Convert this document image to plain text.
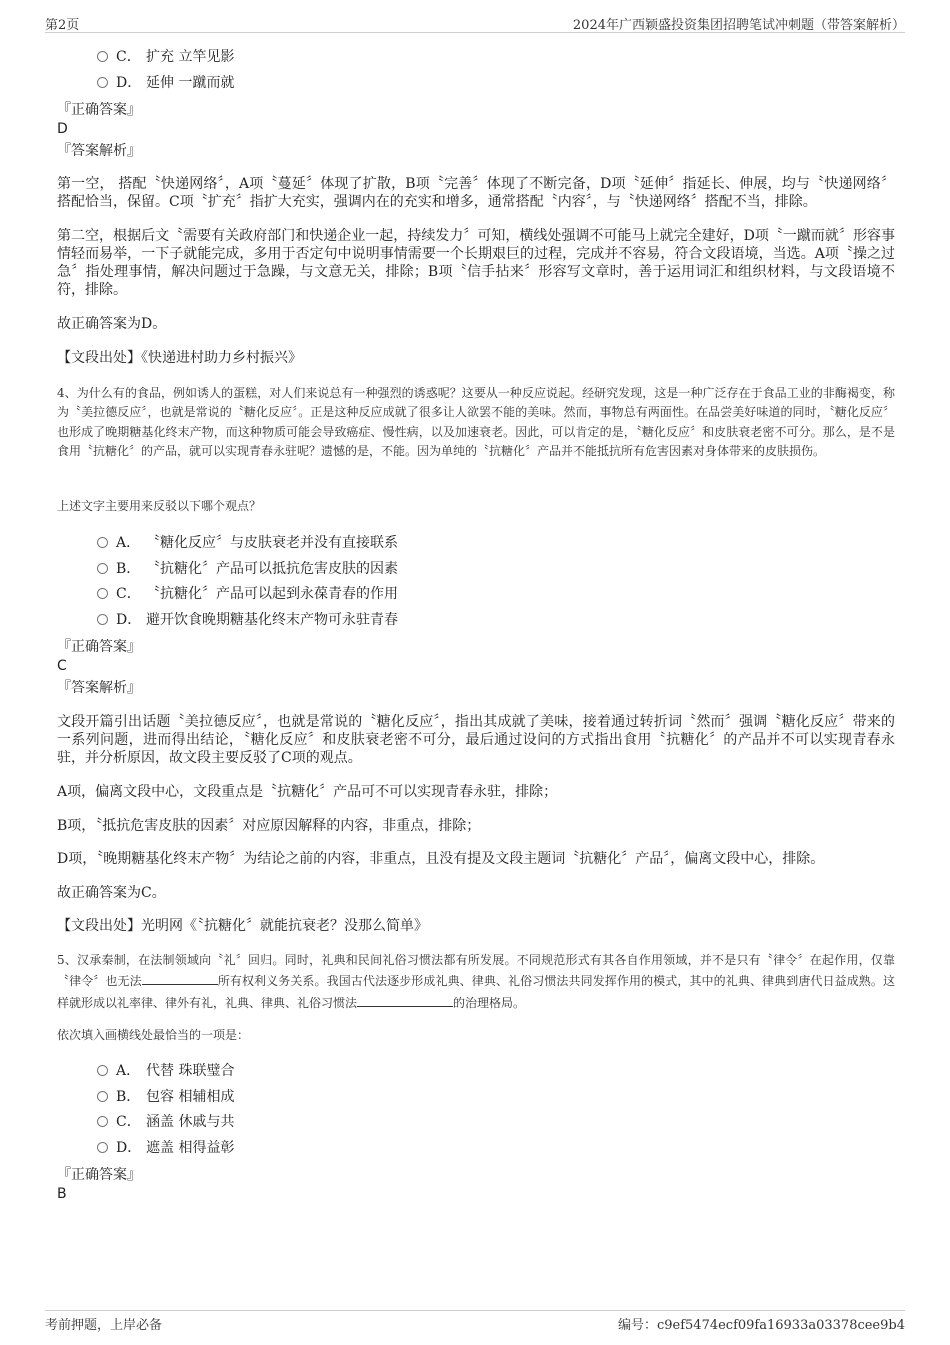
第2页	2024年广西颖盛投资集团招聘笔试冲刺题（带答案解析）
C． 扩充 立竿见影
D． 延伸 一蹴而就
『正确答案』
D
『答案解析』

第一空， 搭配〝快递网络〞，A项〝蔓延〞体现了扩散，B项〝完善〞体现了不断完备，D项〝延伸〞指延长、伸展，均与〝快递网络〞搭配恰当，保留。C项〝扩充〞指扩大充实，强调内在的充实和增多，通常搭配〝内容〞，与〝快递网络〞搭配不当，排除。

第二空，根据后文〝需要有关政府部门和快递企业一起，持续发力〞可知，横线处强调不可能马上就完全建好，D项〝一蹴而就〞形容事情轻而易举，一下子就能完成，多用于否定句中说明事情需要一个长期艰巨的过程，完成并不容易，符合文段语境，当选。A项〝操之过急〞指处理事情，解决问题过于急躁，与文意无关，排除；B项〝信手拈来〞形容写文章时，善于运用词汇和组织材料，与文段语境不符，排除。

故正确答案为D。

【文段出处】《快递进村助力乡村振兴》

4、为什么有的食品，例如诱人的蛋糕，对人们来说总有一种强烈的诱惑呢？这要从一种反应说起。经研究发现，这是一种广泛存在于食品工业的非酶褐变，称为〝美拉德反应〞，也就是常说的〝糖化反应〞。正是这种反应成就了很多让人欲罢不能的美味。然而，事物总有两面性。在品尝美好味道的同时，〝糖化反应〞也形成了晚期糖基化终末产物，而这种物质可能会导致癌症、慢性病，以及加速衰老。因此，可以肯定的是，〝糖化反应〞和皮肤衰老密不可分。那么，是不是食用〝抗糖化〞的产品，就可以实现青春永驻呢？遗憾的是，不能。因为单纯的〝抗糖化〞产品并不能抵抗所有危害因素对身体带来的皮肤损伤。

上述文字主要用来反驳以下哪个观点？
A． 〝糖化反应〞与皮肤衰老并没有直接联系
B． 〝抗糖化〞产品可以抵抗危害皮肤的因素
C． 〝抗糖化〞产品可以起到永葆青春的作用
D． 避开饮食晚期糖基化终末产物可永驻青春
『正确答案』
C
『答案解析』

文段开篇引出话题〝美拉德反应〞，也就是常说的〝糖化反应〞，指出其成就了美味，接着通过转折词〝然而〞强调〝糖化反应〞带来的一系列问题，进而得出结论，〝糖化反应〞和皮肤衰老密不可分，最后通过设问的方式指出食用〝抗糖化〞的产品并不可以实现青春永驻，并分析原因，故文段主要反驳了C项的观点。

A项，偏离文段中心，文段重点是〝抗糖化〞产品可不可以实现青春永驻，排除；

B项，〝抵抗危害皮肤的因素〞对应原因解释的内容，非重点，排除；

D项，〝晚期糖基化终末产物〞为结论之前的内容，非重点，且没有提及文段主题词〝抗糖化〞产品〞，偏离文段中心，排除。

故正确答案为C。

【文段出处】光明网《〝抗糖化〞就能抗衰老？没那么简单》

5、汉承秦制，在法制领域向〝礼〞回归。同时，礼典和民间礼俗习惯法都有所发展。不同规范形式有其各自作用领域，并不是只有〝律令〞在起作用，仅靠〝律令〞也无法	所有权利义务关系。我国古代法逐步形成礼典、律典、礼俗习惯法共同发挥作用的模式，其中的礼典、律典到唐代日益成熟。这样就形成以礼率律、律外有礼，礼典、律典、礼俗习惯法	的治理格局。

依次填入画横线处最恰当的一项是：
A． 代替 珠联璧合
B． 包容 相辅相成
C． 涵盖 休戚与共
D． 遮盖 相得益彰
『正确答案』
B
考前押题，上岸必备	编号：c9ef5474ecf09fa16933a03378cee9b4
